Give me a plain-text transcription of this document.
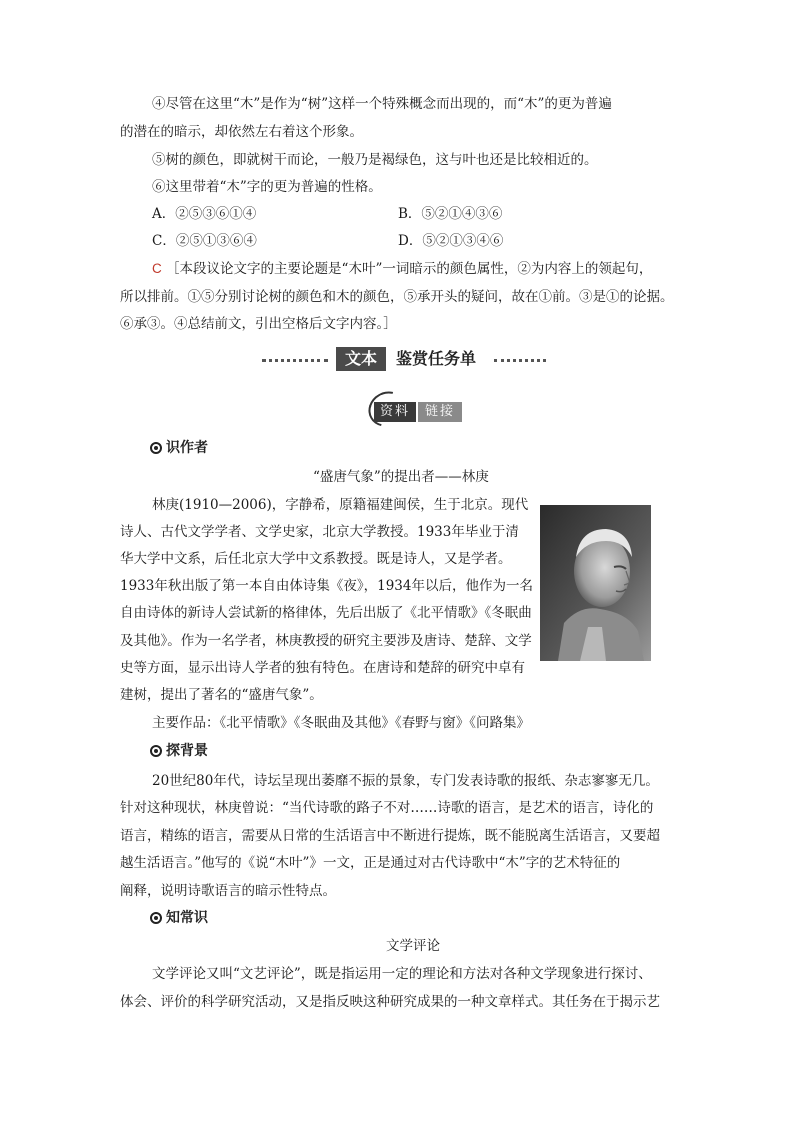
④尽管在这里“木”是作为“树”这样一个特殊概念而出现的，而“木”的更为普遍
的潜在的暗示，却依然左右着这个形象。
⑤树的颜色，即就树干而论，一般乃是褐绿色，这与叶也还是比较相近的。
⑥这里带着“木”字的更为普遍的性格。
A．②⑤③⑥①④	B．⑤②①④③⑥
C．②⑤①③⑥④	D．⑤②①③④⑥
C ［本段议论文字的主要论题是“木叶”一词暗示的颜色属性，②为内容上的领起句，
所以排前。①⑤分别讨论树的颜色和木的颜色，⑤承开头的疑问，故在①前。③是①的论据。
⑥承③。④总结前文，引出空格后文字内容。］
文本	鉴赏任务单
资料	链接
识作者
“盛唐气象”的提出者——林庚
林庚(1910—2006)，字静希，原籍福建闽侯，生于北京。现代
诗人、古代文学学者、文学史家，北京大学教授。1933年毕业于清
华大学中文系，后任北京大学中文系教授。既是诗人，又是学者。
1933年秋出版了第一本自由体诗集《夜》，1934年以后，他作为一名
自由诗体的新诗人尝试新的格律体，先后出版了《北平情歌》《冬眠曲
及其他》。作为一名学者，林庚教授的研究主要涉及唐诗、楚辞、文学
史等方面，显示出诗人学者的独有特色。在唐诗和楚辞的研究中卓有
建树，提出了著名的“盛唐气象”。
主要作品：《北平情歌》《冬眠曲及其他》《春野与窗》《问路集》
探背景
20世纪80年代，诗坛呈现出萎靡不振的景象，专门发表诗歌的报纸、杂志寥寥无几。
针对这种现状，林庚曾说：“当代诗歌的路子不对……诗歌的语言，是艺术的语言，诗化的
语言，精练的语言，需要从日常的生活语言中不断进行提炼，既不能脱离生活语言，又要超
越生活语言。”他写的《说“木叶”》一文，正是通过对古代诗歌中“木”字的艺术特征的
阐释，说明诗歌语言的暗示性特点。
知常识
文学评论
文学评论又叫“文艺评论”，既是指运用一定的理论和方法对各种文学现象进行探讨、
体会、评价的科学研究活动，又是指反映这种研究成果的一种文章样式。其任务在于揭示艺
